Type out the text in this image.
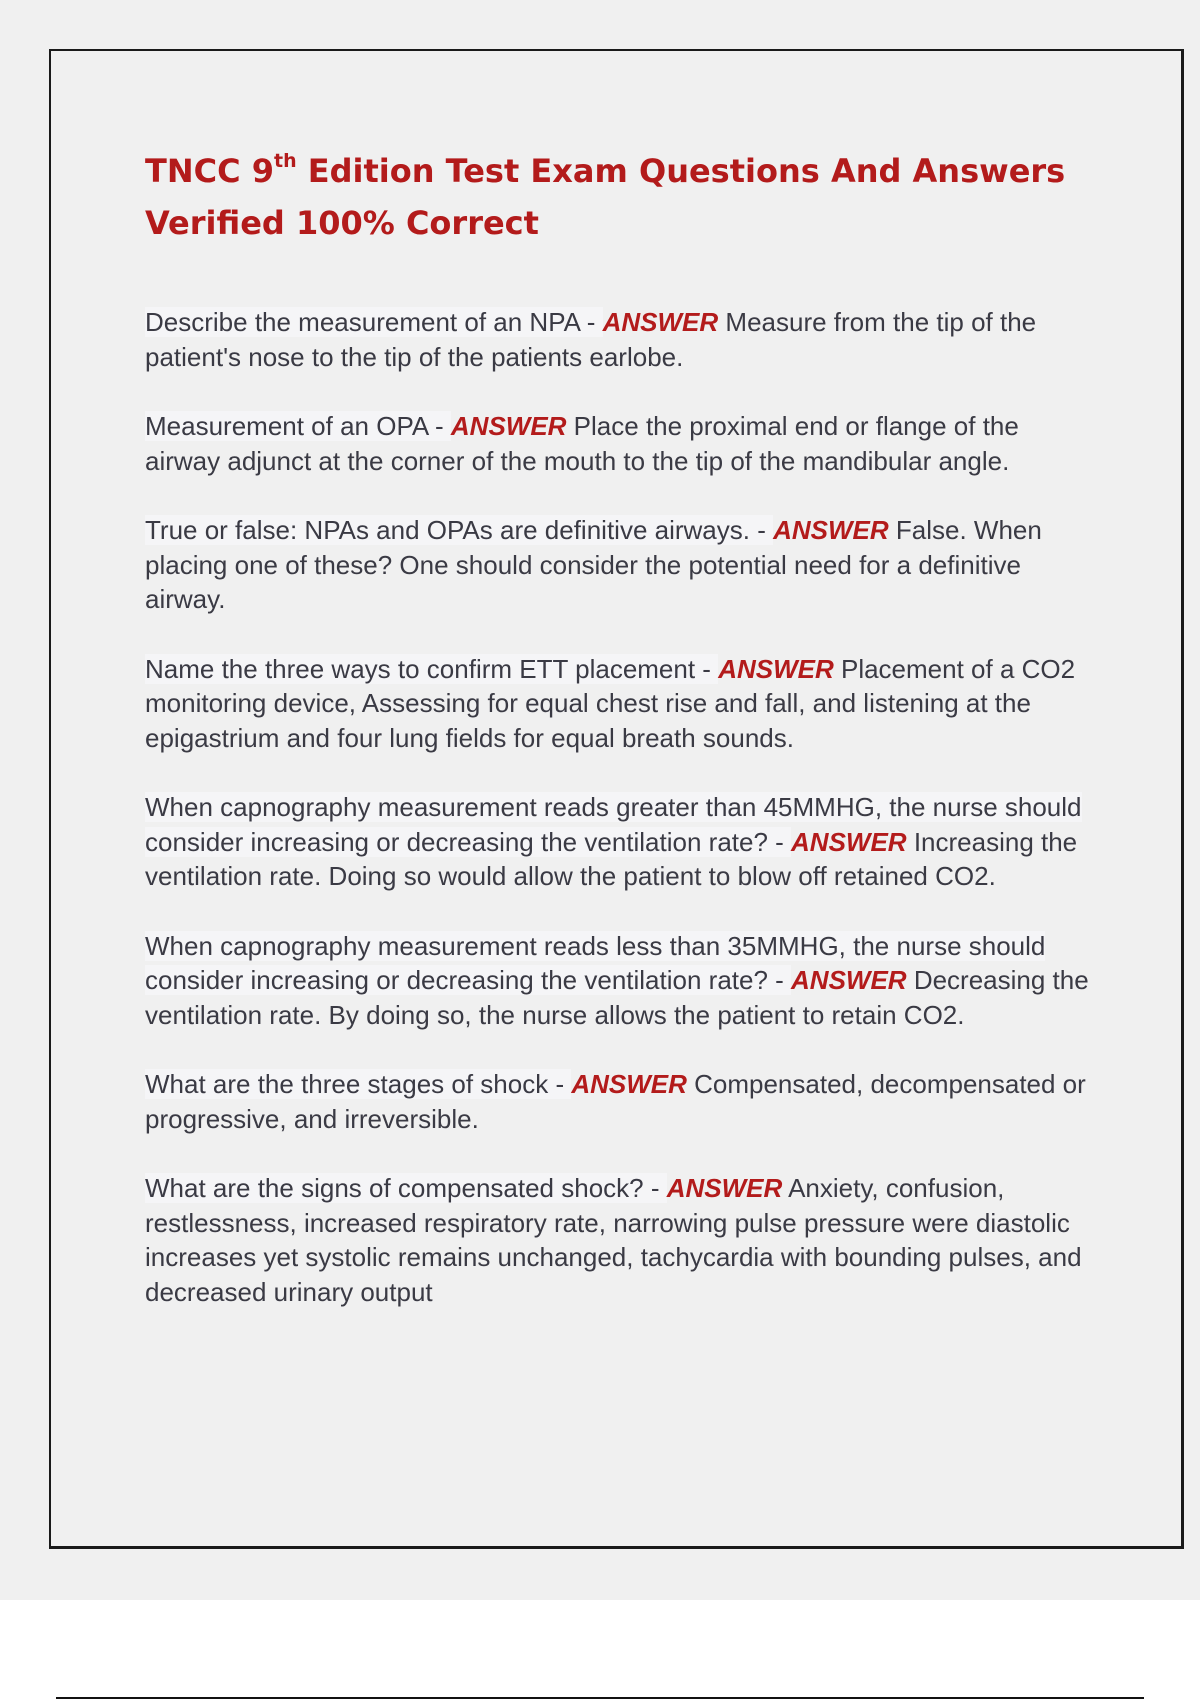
TNCC 9th Edition Test Exam Questions And Answers Verified 100% Correct

Describe the measurement of an NPA - ANSWER Measure from the tip of the patient's nose to the tip of the patients earlobe.

Measurement of an OPA - ANSWER Place the proximal end or flange of the airway adjunct at the corner of the mouth to the tip of the mandibular angle.

True or false: NPAs and OPAs are definitive airways. - ANSWER False. When placing one of these? One should consider the potential need for a definitive airway.

Name the three ways to confirm ETT placement - ANSWER Placement of a CO2 monitoring device, Assessing for equal chest rise and fall, and listening at the epigastrium and four lung fields for equal breath sounds.

When capnography measurement reads greater than 45MMHG, the nurse should consider increasing or decreasing the ventilation rate? - ANSWER Increasing the ventilation rate. Doing so would allow the patient to blow off retained CO2.

When capnography measurement reads less than 35MMHG, the nurse should consider increasing or decreasing the ventilation rate? - ANSWER Decreasing the ventilation rate. By doing so, the nurse allows the patient to retain CO2.

What are the three stages of shock - ANSWER Compensated, decompensated or progressive, and irreversible.

What are the signs of compensated shock? - ANSWER Anxiety, confusion, restlessness, increased respiratory rate, narrowing pulse pressure were diastolic increases yet systolic remains unchanged, tachycardia with bounding pulses, and decreased urinary output
